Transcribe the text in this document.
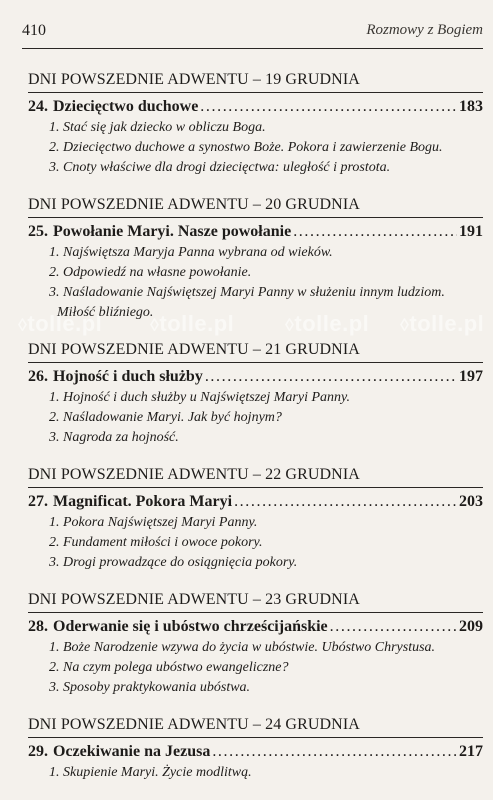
410	Rozmowy z Bogiem
◊tolle.pl	◊tolle.pl	◊tolle.pl ◊tolle.pl
DNI POWSZEDNIE ADWENTU – 19 GRUDNIA
24. Dziecięctwo duchowe . . .	183
1. Stać się jak dziecko w obliczu Boga.
2. Dziecięctwo duchowe a synostwo Boże. Pokora i zawierzenie Bogu.
3. Cnoty właściwe dla drogi dziecięctwa: uległość i prostota.
DNI POWSZEDNIE ADWENTU – 20 GRUDNIA
25. Powołanie Maryi. Nasze powołanie . . .	191
1. Najświętsza Maryja Panna wybrana od wieków.
2. Odpowiedź na własne powołanie.
3. Naśladowanie Najświętszej Maryi Panny w służeniu innym ludziom. Miłość bliźniego.
DNI POWSZEDNIE ADWENTU – 21 GRUDNIA
26. Hojność i duch służby . . .	197
1. Hojność i duch służby u Najświętszej Maryi Panny.
2. Naśladowanie Maryi. Jak być hojnym?
3. Nagroda za hojność.
DNI POWSZEDNIE ADWENTU – 22 GRUDNIA
27. Magnificat. Pokora Maryi . . .	203
1. Pokora Najświętszej Maryi Panny.
2. Fundament miłości i owoce pokory.
3. Drogi prowadzące do osiągnięcia pokory.
DNI POWSZEDNIE ADWENTU – 23 GRUDNIA
28. Oderwanie się i ubóstwo chrześcijańskie . . .	209
1. Boże Narodzenie wzywa do życia w ubóstwie. Ubóstwo Chrystusa.
2. Na czym polega ubóstwo ewangeliczne?
3. Sposoby praktykowania ubóstwa.
DNI POWSZEDNIE ADWENTU – 24 GRUDNIA
29. Oczekiwanie na Jezusa . . .	217
1. Skupienie Maryi. Życie modlitwą.
